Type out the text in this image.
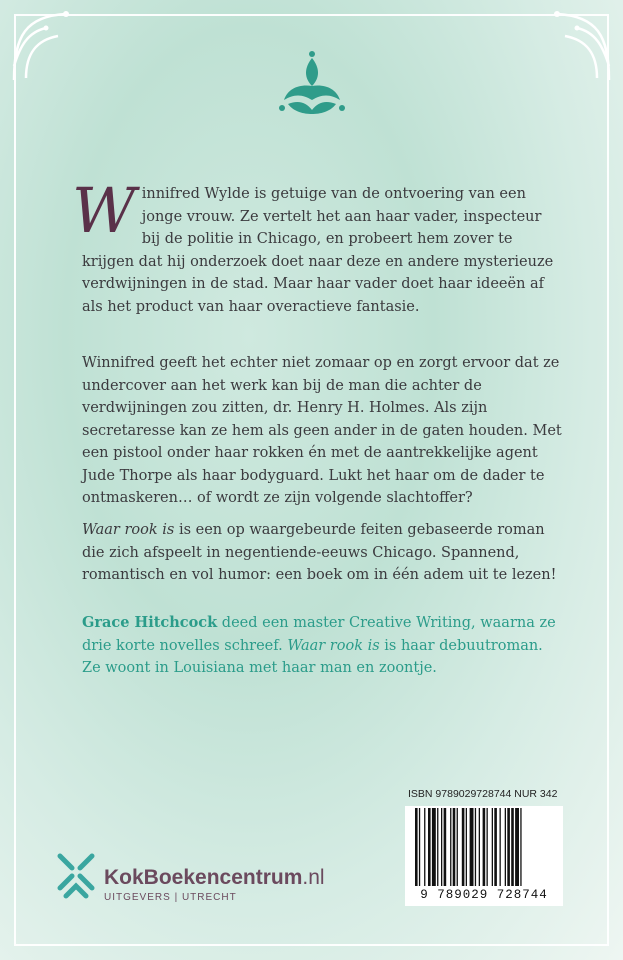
W innifred Wylde is getuige van de ontvoering van een jonge vrouw. Ze vertelt het aan haar vader, inspecteur bij de politie in Chicago, en probeert hem zover te krijgen dat hij onderzoek doet naar deze en andere mysterieuze verdwijningen in de stad. Maar haar vader doet haar ideeën af als het product van haar overactieve fantasie.
Winnifred geeft het echter niet zomaar op en zorgt ervoor dat ze undercover aan het werk kan bij de man die achter de verdwijningen zou zitten, dr. Henry H. Holmes. Als zijn secretaresse kan ze hem als geen ander in de gaten houden. Met een pistool onder haar rokken én met de aantrekkelijke agent Jude Thorpe als haar bodyguard. Lukt het haar om de dader te ontmaskeren… of wordt ze zijn volgende slachtoffer?
Waar rook is is een op waargebeurde feiten gebaseerde roman die zich afspeelt in negentiende-eeuws Chicago. Spannend, romantisch en vol humor: een boek om in één adem uit te lezen!
Grace Hitchcock deed een master Creative Writing, waarna ze drie korte novelles schreef. Waar rook is is haar debuutroman. Ze woont in Louisiana met haar man en zoontje.
ISBN 9789029728744 NUR 342
9 789029 728744
KokBoekencentrum.nl
UITGEVERS | UTRECHT
